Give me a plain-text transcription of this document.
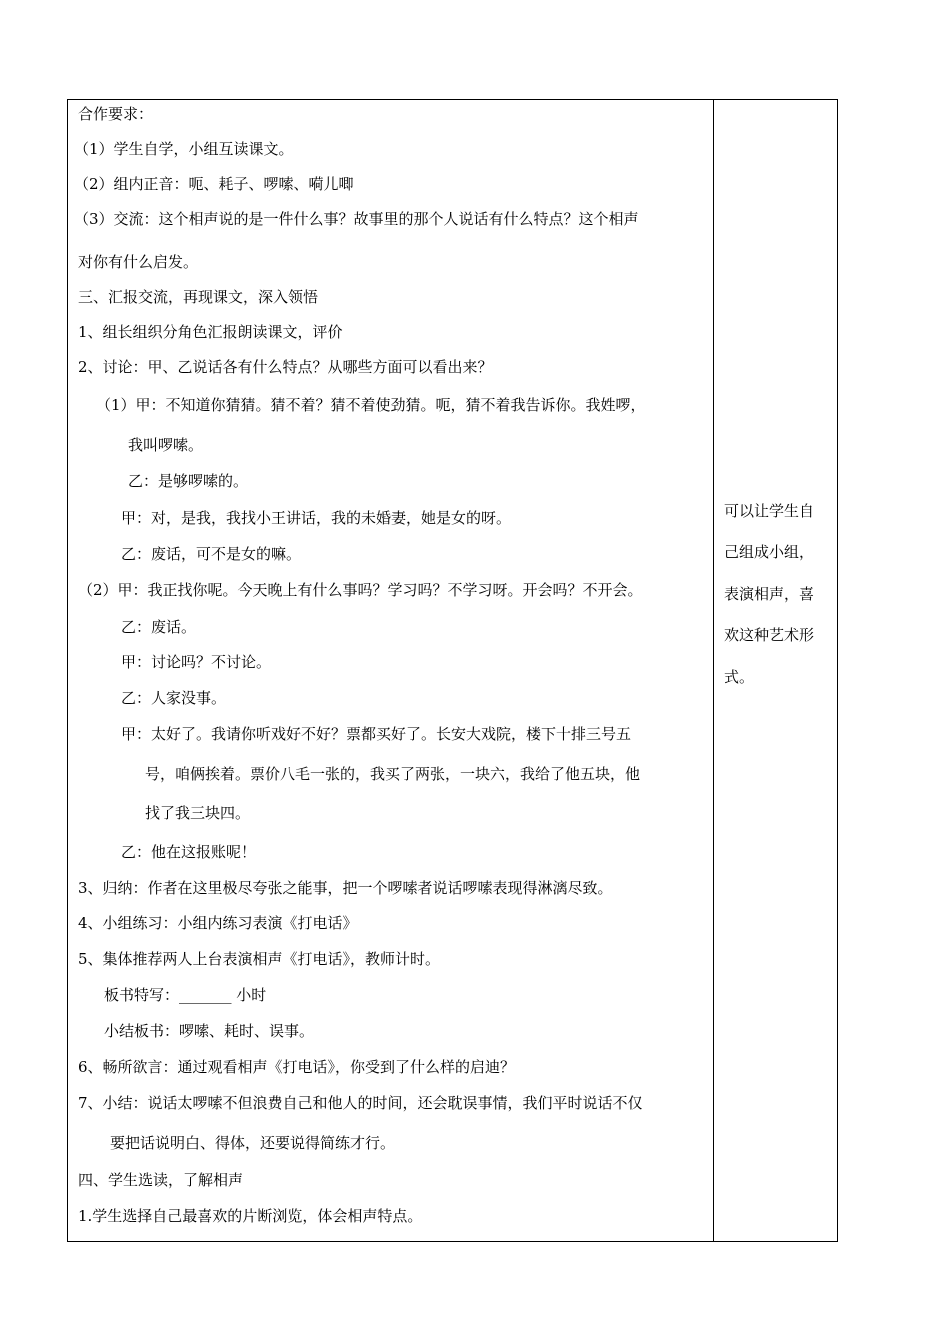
合作要求：
（1）学生自学，小组互读课文。
（2）组内正音：呃、耗子、啰嗦、嗬儿唧
（3）交流：这个相声说的是一件什么事？故事里的那个人说话有什么特点？这个相声
对你有什么启发。
三、汇报交流，再现课文，深入领悟
1、组长组织分角色汇报朗读课文，评价
2、讨论：甲、乙说话各有什么特点？从哪些方面可以看出来？
（1）甲：不知道你猜猜。猜不着？猜不着使劲猜。呃，猜不着我告诉你。我姓啰，
我叫啰嗦。
乙：是够啰嗦的。
甲：对，是我，我找小王讲话，我的未婚妻，她是女的呀。
乙：废话，可不是女的嘛。
（2）甲：我正找你呢。今天晚上有什么事吗？学习吗？不学习呀。开会吗？不开会。
乙：废话。
甲：讨论吗？不讨论。
乙：人家没事。
甲：太好了。我请你听戏好不好？票都买好了。长安大戏院，楼下十排三号五
号，咱俩挨着。票价八毛一张的，我买了两张，一块六，我给了他五块，他
找了我三块四。
乙：他在这报账呢！
3、归纳：作者在这里极尽夸张之能事，把一个啰嗦者说话啰嗦表现得淋漓尽致。
4、小组练习：小组内练习表演《打电话》
5、集体推荐两人上台表演相声《打电话》，教师计时。
板书特写：_______ 小时
小结板书：啰嗦、耗时、误事。
6、畅所欲言：通过观看相声《打电话》，你受到了什么样的启迪？
7、小结：说话太啰嗦不但浪费自己和他人的时间，还会耽误事情，我们平时说话不仅
要把话说明白、得体，还要说得简练才行。
四、学生选读，了解相声
1.学生选择自己最喜欢的片断浏览，体会相声特点。
可以让学生自
己组成小组，
表演相声，喜
欢这种艺术形
式。
